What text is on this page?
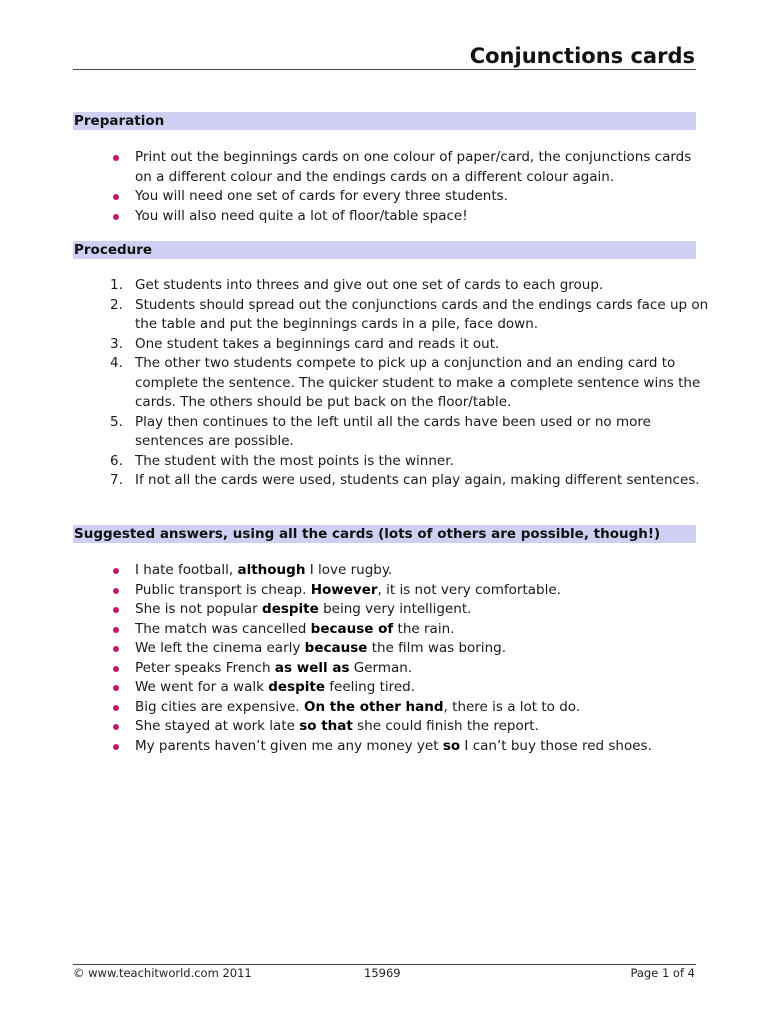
Conjunctions cards
Preparation
Print out the beginnings cards on one colour of paper/card, the conjunctions cards on a different colour and the endings cards on a different colour again.
You will need one set of cards for every three students.
You will also need quite a lot of floor/table space!
Procedure
1. Get students into threes and give out one set of cards to each group.
2. Students should spread out the conjunctions cards and the endings cards face up on the table and put the beginnings cards in a pile, face down.
3. One student takes a beginnings card and reads it out.
4. The other two students compete to pick up a conjunction and an ending card to complete the sentence. The quicker student to make a complete sentence wins the cards. The others should be put back on the floor/table.
5. Play then continues to the left until all the cards have been used or no more sentences are possible.
6. The student with the most points is the winner.
7. If not all the cards were used, students can play again, making different sentences.
Suggested answers, using all the cards (lots of others are possible, though!)
I hate football, although I love rugby.
Public transport is cheap. However, it is not very comfortable.
She is not popular despite being very intelligent.
The match was cancelled because of the rain.
We left the cinema early because the film was boring.
Peter speaks French as well as German.
We went for a walk despite feeling tired.
Big cities are expensive. On the other hand, there is a lot to do.
She stayed at work late so that she could finish the report.
My parents haven’t given me any money yet so I can’t buy those red shoes.
© www.teachitworld.com 2011	15969	Page 1 of 4
